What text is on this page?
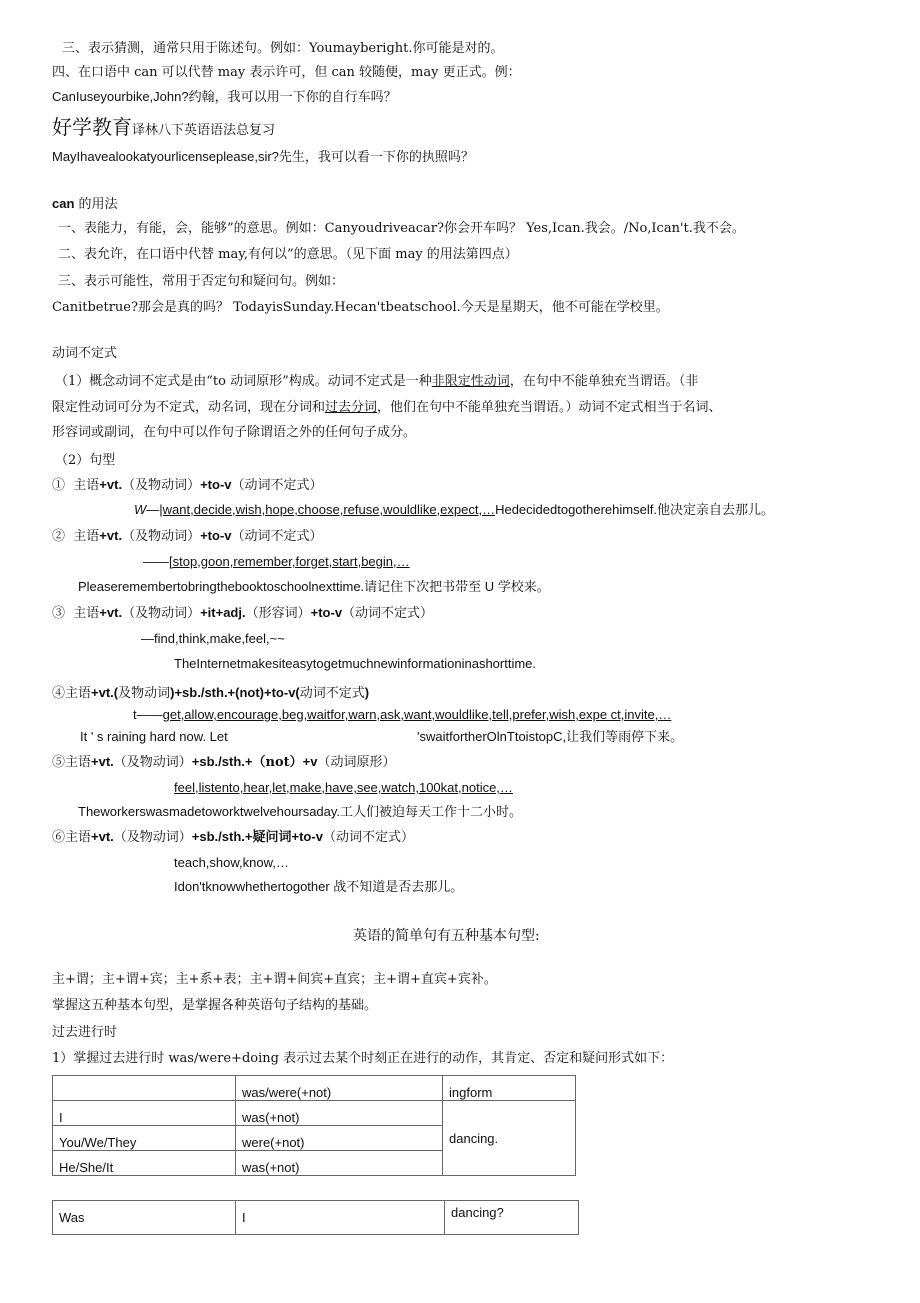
三、表示猜测，通常只用于陈述句。例如：Youmayberight.你可能是对的。
四、在口语中 can 可以代替 may 表示许可，但 can 较随便，may 更正式。例：
CanIuseyourbike,John?约翰，我可以用一下你的自行车吗？
好学教育译林八下英语语法总复习
MayIhavealookatyourlicenseplease,sir?先生，我可以看一下你的执照吗？
can 的用法
一、表能力，有能，会，能够”的意思。例如：Canyoudriveacar?你会开车吗？ Yes,Ican.我会。/No,Ican't.我不会。
二、表允许，在口语中代替 may,有何以”的意思。（见下面 may 的用法第四点）
三、表示可能性，常用于否定句和疑问句。例如：
Canitbetrue?那会是真的吗？ TodayisSunday.Hecan'tbeatschool.今天是星期天，他不可能在学校里。
动词不定式
（1）概念动词不定式是由“to 动词原形”构成。动词不定式是一种非限定性动词，在句中不能单独充当谓语。（非
限定性动词可分为不定式，动名词，现在分词和过去分词，他们在句中不能单独充当谓语。）动词不定式相当于名词、
形容词或副词，在句中可以作句子除谓语之外的任何句子成分。
（2）句型
① 主语+vt.（及物动词）+to-v（动词不定式）
W—|want,decide,wish,hope,choose,refuse,wouldlike,expect,…Hedecidedtogotherehimself.他决定亲自去那儿。
② 主语+vt.（及物动词）+to-v（动词不定式）
——[stop,goon,remember,forget,start,begin,…
Pleaseremembertobringthebooktoschoolnexttime.请记住下次把书带至 U 学校来。
③ 主语+vt.（及物动词）+it+adj.（形容词）+to-v（动词不定式）
—find,think,make,feel,~~
TheInternetmakesiteasytogetmuchnewinformationinashorttime.
④主语+vt.(及物动词)+sb./sth.+(not)+to-v(动词不定式)
t——get,allow,encourage,beg,waitfor,warn,ask,want,wouldlike,tell,prefer,wish,expe ct,invite,…
It ' s raining hard now. Let	'swaitfortherOlnTtoistopC,让我们等雨停下来。
⑤主语+vt.（及物动词）+sb./sth.+（not）+v（动词原形）
feel,listento,hear,let,make,have,see,watch,100kat,notice,…
Theworkerswasmadetoworktwelvehoursaday.工人们被迫每天工作十二小时。
⑥主语+vt.（及物动词）+sb./sth.+疑问词+to-v（动词不定式）
teach,show,know,…
Idon'tknowwhethertogother 战不知道是否去那儿。
英语的简单句有五种基本句型:
主+谓；主+谓+宾；主+系+表；主+谓+间宾+直宾；主+谓+直宾+宾补。
掌握这五种基本句型，是掌握各种英语句子结构的基础。
过去进行时
1）掌握过去进行时 was/were+doing 表示过去某个时刻正在进行的动作，其肯定、否定和疑问形式如下：
	was/were(+not)	ingform
I	was(+not)	dancing.
You/We/They	were(+not)	
He/She/It	was(+not)	
Was	I	dancing?
